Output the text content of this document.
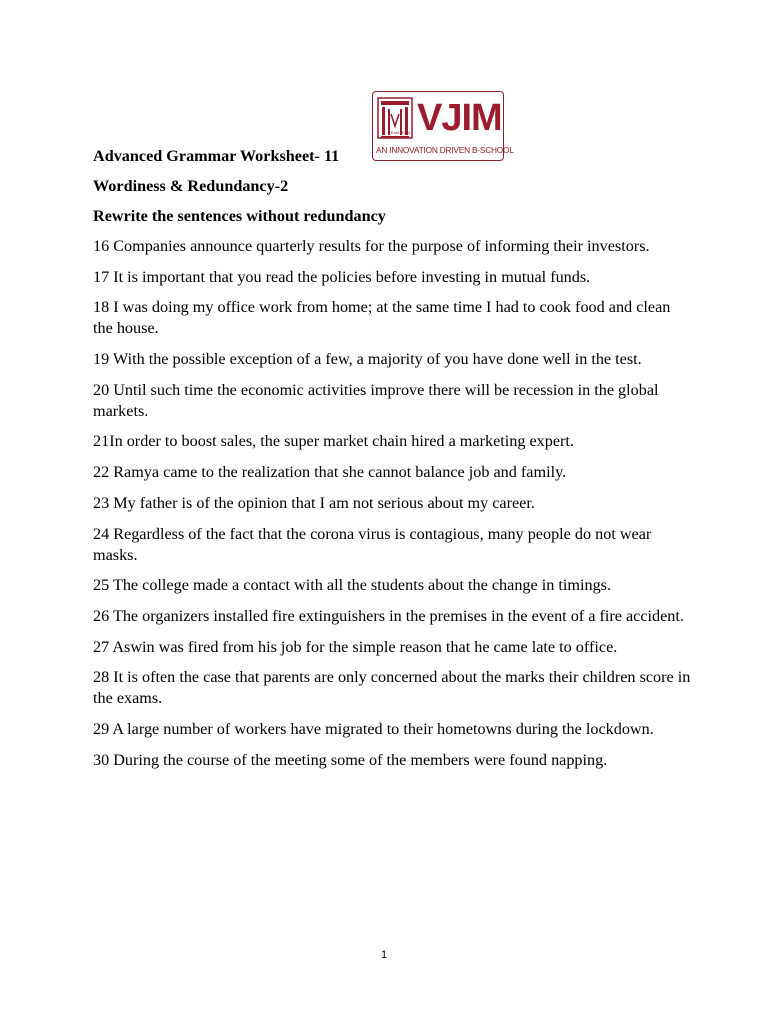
Estd. 1993 VJIM
AN INNOVATION DRIVEN B-SCHOOL
Advanced Grammar Worksheet- 11
Wordiness & Redundancy-2
Rewrite the sentences without redundancy
16 Companies announce quarterly results for the purpose of informing their investors.
17 It is important that you read the policies before investing in mutual funds.
18 I was doing my office work from home; at the same time I had to cook food and clean the house.
19 With the possible exception of a few, a majority of you have done well in the test.
20 Until such time the economic activities improve there will be recession in the global markets.
21In order to boost sales, the super market chain hired a marketing expert.
22 Ramya came to the realization that she cannot balance job and family.
23 My father is of the opinion that I am not serious about my career.
24 Regardless of the fact that the corona virus is contagious, many people do not wear masks.
25 The college made a contact with all the students about the change in timings.
26 The organizers installed fire extinguishers in the premises in the event of a fire accident.
27 Aswin was fired from his job for the simple reason that he came late to office.
28 It is often the case that parents are only concerned about the marks their children score in the exams.
29 A large number of workers have migrated to their hometowns during the lockdown.
30 During the course of the meeting some of the members were found napping.
1
